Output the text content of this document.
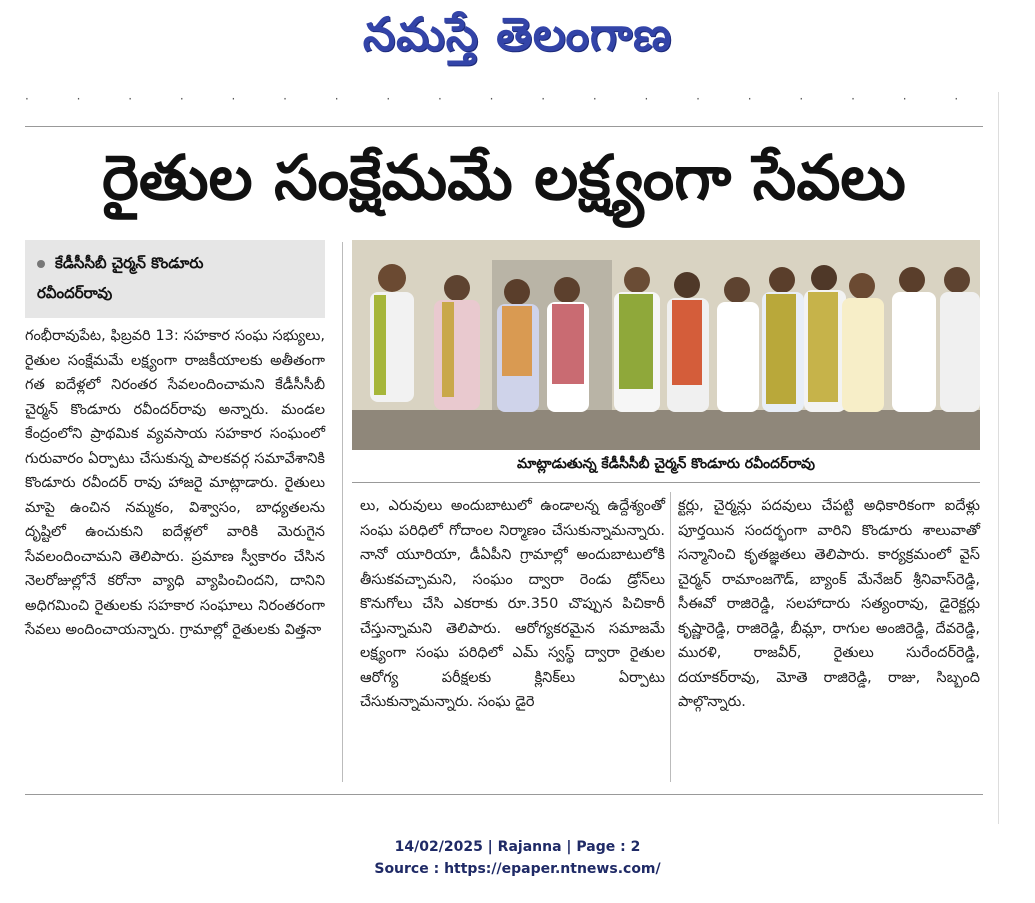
నమస్తే తెలంగాణ
· · · · · · · · · · · · · · · · · · ·
రైతుల సంక్షేమమే లక్ష్యంగా సేవలు
కేడీసీసీబీ చైర్మన్ కొండూరు
రవీందర్‌రావు
మాట్లాడుతున్న కేడీసీసీబీ చైర్మన్ కొండూరు రవీందర్‌రావు

గంభీరావుపేట, ఫిబ్రవరి 13: సహకార సంఘ సభ్యులు, రైతుల సంక్షేమమే లక్ష్యంగా రాజకీయాలకు అతీతంగా గత ఐదేళ్లలో నిరంతర సేవలందించామని కేడీసీసీబీ చైర్మన్ కొండూరు రవీందర్‌రావు అన్నారు. మండల కేంద్రంలోని ప్రాథమిక వ్యవసాయ సహకార సంఘంలో గురువారం ఏర్పాటు చేసుకున్న పాలకవర్గ సమావేశానికి కొండూరు రవీందర్ రావు హాజరై మాట్లాడారు. రైతులు మాపై ఉంచిన నమ్మకం, విశ్వాసం, బాధ్యతలను దృష్టిలో ఉంచుకుని ఐదేళ్లలో వారికి మెరుగైన సేవలందించామని తెలిపారు. ప్రమాణ స్వీకారం చేసిన నెలరోజుల్లోనే కరోనా వ్యాధి వ్యాపించిందని, దానిని అధిగమించి రైతులకు సహకార సంఘాలు నిరంతరంగా సేవలు అందించాయన్నారు. గ్రామాల్లో రైతులకు విత్తనా

లు, ఎరువులు అందుబాటులో ఉండాలన్న ఉద్దేశ్యంతో సంఘ పరిధిలో గోదాంల నిర్మాణం చేసుకున్నామన్నారు. నానో యూరియా, డీఏపీని గ్రామాల్లో అందుబాటులోకి తీసుకవచ్చామని, సంఘం ద్వారా రెండు డ్రోన్‌లు కొనుగోలు చేసి ఎకరాకు రూ.350 చొప్పున పిచికారీ చేస్తున్నామని తెలిపారు. ఆరోగ్యకరమైన సమాజమే లక్ష్యంగా సంఘ పరిధిలో ఎమ్ స్వస్థ్ ద్వారా రైతుల ఆరోగ్య పరీక్షలకు క్లినిక్‌లు ఏర్పాటు చేసుకున్నామన్నారు. సంఘ డైరె

క్టర్లు, చైర్మన్లు పదవులు చేపట్టి అధికారికంగా ఐదేళ్లు పూర్తయిన సందర్భంగా వారిని కొండూరు శాలువాతో సన్మానించి కృతజ్ఞతలు తెలిపారు. కార్యక్రమంలో వైస్ చైర్మన్ రామాంజగౌడ్, బ్యాంక్ మేనేజర్ శ్రీనివాస్‌రెడ్డి, సీఈవో రాజిరెడ్డి, సలహాదారు సత్యంరావు, డైరెక్టర్లు కృష్ణారెడ్డి, రాజిరెడ్డి, బీమ్లా, రాగుల అంజిరెడ్డి, దేవరెడ్డి, మురళి, రాజవీర్, రైతులు సురేందర్‌రెడ్డి, దయాకర్‌రావు, మోతె రాజిరెడ్డి, రాజు, సిబ్బంది పాల్గొన్నారు.

14/02/2025 | Rajanna | Page : 2
Source : https://epaper.ntnews.com/
